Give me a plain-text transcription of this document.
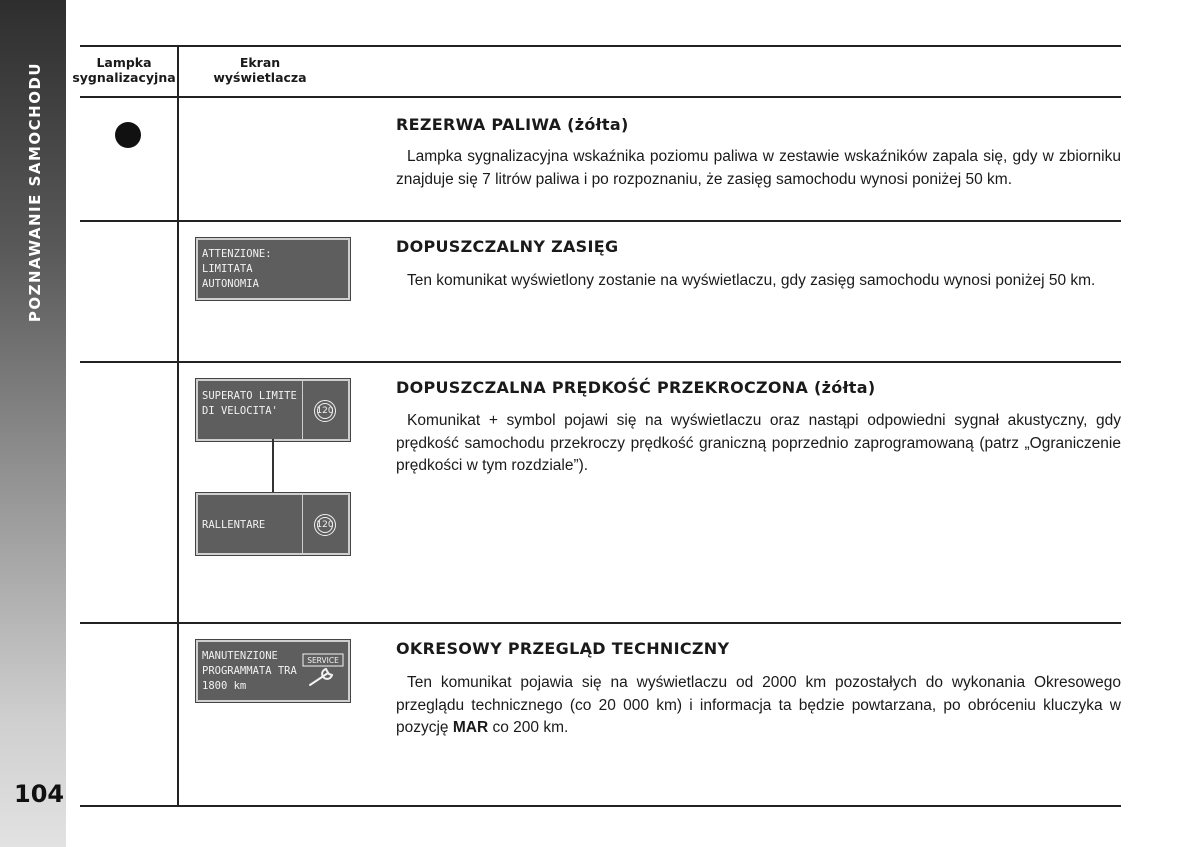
POZNAWANIE SAMOCHODU
104
Lampka
sygnalizacyjna
Ekran
wyświetlacza
REZERWA PALIWA (żółta)
Lampka sygnalizacyjna wskaźnika poziomu paliwa w zestawie wskaźników zapala się, gdy w zbiorniku znajduje się 7 litrów paliwa i po rozpoznaniu, że zasięg samochodu wynosi poniżej 50 km.
ATTENZIONE:
LIMITATA
AUTONOMIA
DOPUSZCZALNY ZASIĘG
Ten komunikat wyświetlony zostanie na wyświetlaczu, gdy zasięg samochodu wynosi poniżej 50 km.
SUPERATO LIMITE
DI VELOCITA'	120
RALLENTARE	120
DOPUSZCZALNA PRĘDKOŚĆ PRZEKROCZONA (żółta)
Komunikat + symbol pojawi się na wyświetlaczu oraz nastąpi odpowiedni sygnał akustyczny, gdy prędkość samochodu przekroczy prędkość graniczną poprzednio zaprogramowaną (patrz „Ograniczenie prędkości w tym rozdziale”).
MANUTENZIONE
PROGRAMMATA TRA
1800 km
SERVICE
OKRESOWY PRZEGLĄD TECHNICZNY
Ten komunikat pojawia się na wyświetlaczu od 2000 km pozostałych do wykonania Okresowego przeglądu technicznego (co 20 000 km) i informacja ta będzie powtarzana, po obróceniu kluczyka w pozycję MAR co 200 km.
